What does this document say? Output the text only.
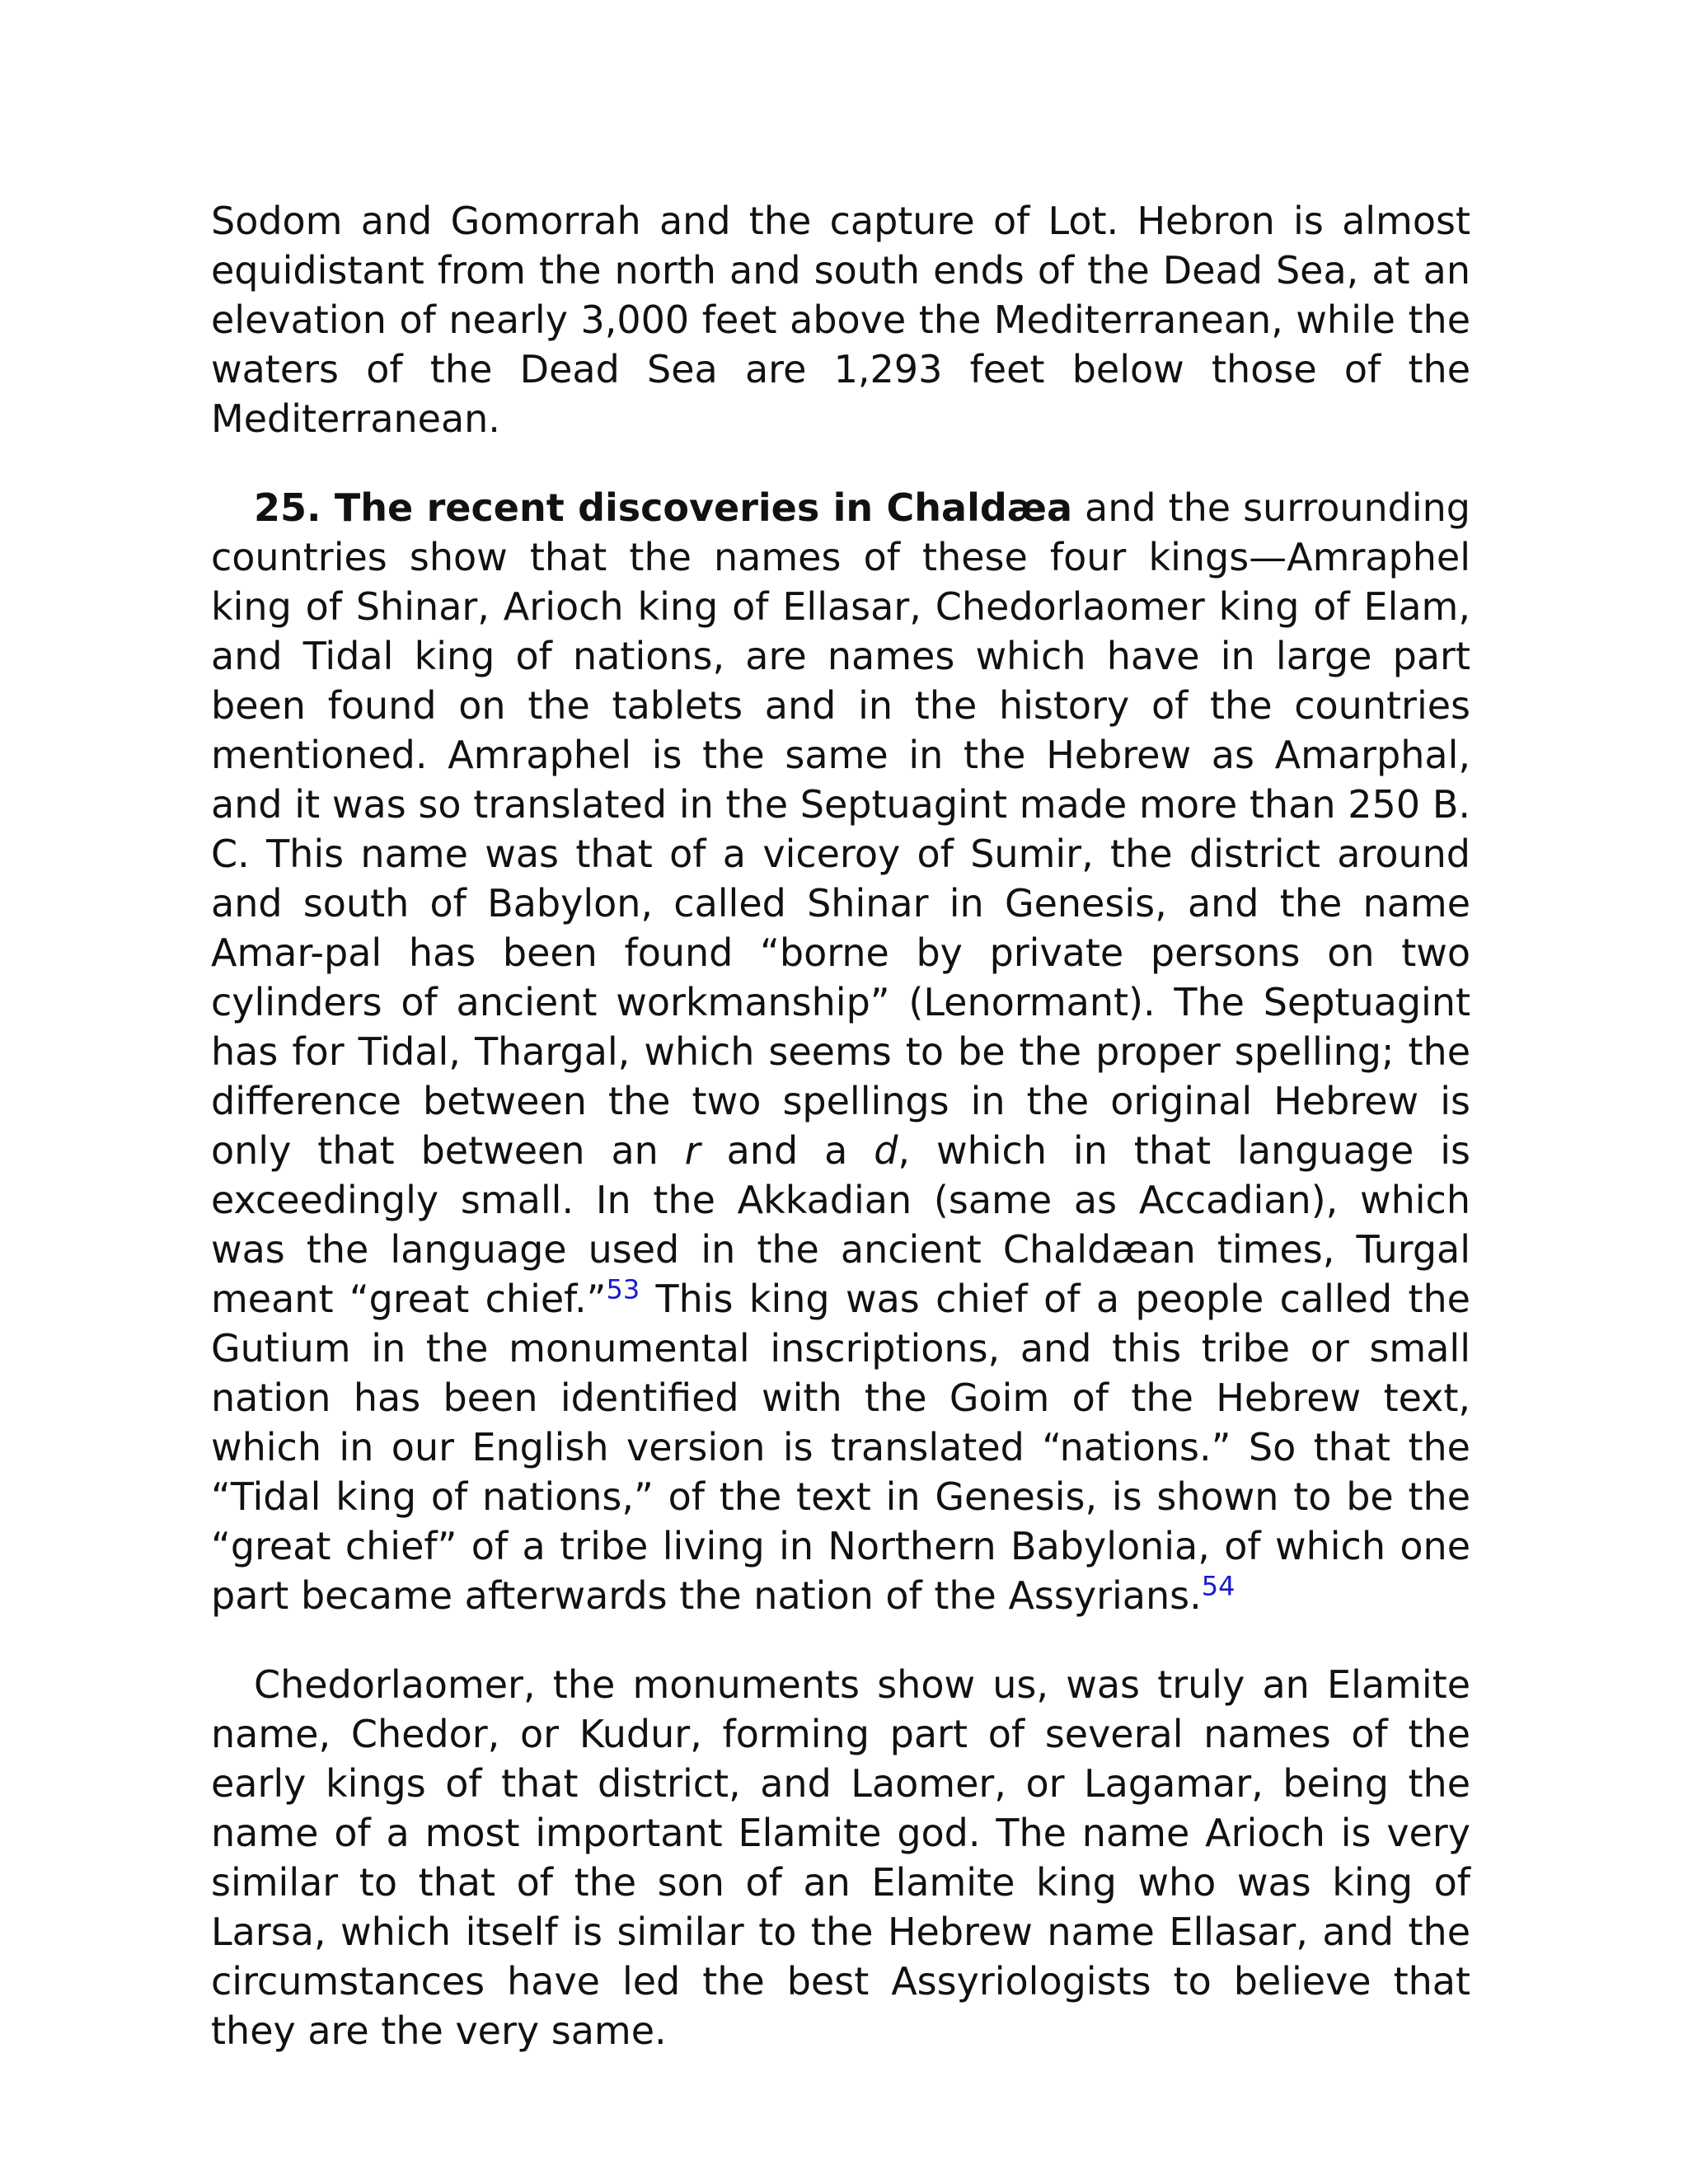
Sodom and Gomorrah and the capture of Lot. Hebron is almost equidistant from the north and south ends of the Dead Sea, at an elevation of nearly 3,000 feet above the Mediterranean, while the waters of the Dead Sea are 1,293 feet below those of the Mediterranean.

25. The recent discoveries in Chaldæa and the surrounding countries show that the names of these four kings—Amraphel king of Shinar, Arioch king of Ellasar, Chedorlaomer king of Elam, and Tidal king of nations, are names which have in large part been found on the tablets and in the history of the countries mentioned. Amraphel is the same in the Hebrew as Amarphal, and it was so translated in the Septuagint made more than 250 B. C. This name was that of a viceroy of Sumir, the district around and south of Babylon, called Shinar in Genesis, and the name Amar-pal has been found “borne by private persons on two cylinders of ancient workmanship” (Lenormant). The Septuagint has for Tidal, Thargal, which seems to be the proper spelling; the difference between the two spellings in the original Hebrew is only that between an r and a d, which in that language is exceedingly small. In the Akkadian (same as Accadian), which was the language used in the ancient Chaldæan times, Turgal meant “great chief.”$^{53}$ This king was chief of a people called the Gutium in the monumental inscriptions, and this tribe or small nation has been identified with the Goim of the Hebrew text, which in our English version is translated “nations.” So that the “Tidal king of nations,” of the text in Genesis, is shown to be the “great chief” of a tribe living in Northern Babylonia, of which one part became afterwards the nation of the Assyrians.$^{54}$

Chedorlaomer, the monuments show us, was truly an Elamite name, Chedor, or Kudur, forming part of several names of the early kings of that district, and Laomer, or Lagamar, being the name of a most important Elamite god. The name Arioch is very similar to that of the son of an Elamite king who was king of Larsa, which itself is similar to the Hebrew name Ellasar, and the circumstances have led the best Assyriologists to believe that they are the very same.
